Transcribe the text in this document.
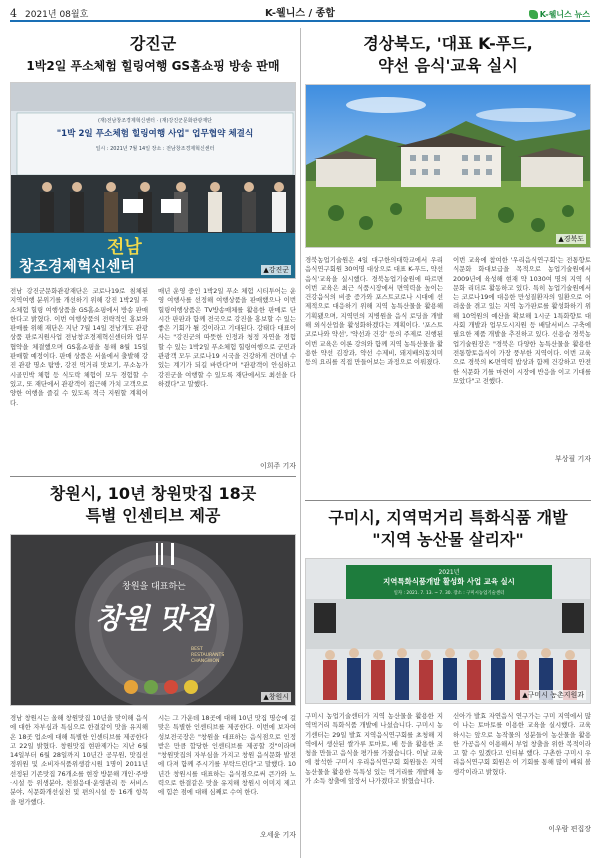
4 2021년 08월호	K-웰니스 / 종합	K-웰니스 뉴스
강진군
1박2일 푸소체험 힐링여행 GS홈쇼핑 방송 판매
(재)전남창조경제혁신센터 · (재)강진군문화관광재단
"1박 2일 푸소체험 힐링여행 사업" 업무협약 체결식
일시 : 2021년 7월 14일 장소 : 전남창조경제혁신센터
전남
창조경제혁신센터	▲강진군

전남 강진군문화관광재단은 코로나19로 침체된 지역여행 분위기를 개선하기 위해 강진 1박2일 푸소체험 힐링 여행상품을 GS홈쇼핑에서 방송 판매한다고 밝혔다. 이번 여행상품의 전략적인 홍보와 판매를 위해 재단은 지난 7월 14일 전남개도 관광상품 판로지원사업 전남창조경제혁신센터와 업무협약을 체결했으며 GS홈쇼핑을 통해 8월 15일 판매할 예정이다. 판매 상품은 서울에서 출발해 강진 관광 명소 탐방, 강진 먹거리 맛보기, 푸소농가 시골민박 체험 등 식도락 체험이 모두 경험할 수 있고, 또 재단에서 관광객이 접근해 가치 고객으로 양한 여행을 즐길 수 있도록 적극 지원할 계획이다.

매년 운영 중인 1박2일 푸소 체험 시티투어는 운영 여행사를 선정해 여행상품을 판매했으나 이번 힐링여행상품은 TV방송매체를 활용한 판매로 단시간 판판과 함께 전국으로 강진을 홍보할 수 있는 좋은 기회가 될 것이라고 기대된다. 강태다 대표이사는 "강진군의 따뜻한 인정과 청정 자연을 경험할 수 있는 1박2일 푸소체험 힐링여행으로 군민과 관광객 모두 코로나19 시국을 건강하게 견뎌낼 수 있는 계기가 되길 바란다"며 "관광객이 안심하고 강진군을 여행할 수 있도록 재단에서도 최선을 다하겠다"고 말했다.

이희주 기자
경상북도, '대표 K-푸드,
약선 음식'교육 실시
▲경북도

경북농업기술원은 4일 대구한의대학교에서 우리음식연구회원 30여명 대상으로 대표 K-푸드, 약선 음식'교육을 실시했다. 경북농업기술원에 따르면 이번 교육은 최근 식품시장에서 면역력을 높이는 건강음식의 비중 증가와 포스트코로나 시대에 선제적으로 대응하기 위해 지역 농특산물을 활용해 기획됐으며, 지역민의 지병원을 음식 로딩을 개발해 외식산업을 활성화하겠다는 계획이다. '포스트코로나와 약선', '약선과 건강' 등의 주제로 진행된 이번 교육은 이론 강의와 함께 지역 농특산물을 활용한 약선 김장과, 약선 수제비, 돼지배의동치미 등의 요리를 직접 만들어보는 과정으로 이뤄졌다.

이번 교육에 참여한 '우리음식연구회'는 전통향토 식문화 화대보급을 목적으로 농업기술원에서 2009년에 육성해 현재 약 1030여 명의 지역 식문화 리더로 활동하고 있다. 특히 농업기술원에서는 코로나19에 대응한 만성질환자의 일환으로 어려움을 겪고 있는 지역 농가판로를 활성화하기 위해 10억원의 예산을 확보해 1시군 1특화향토 대사회 개발과 업무도시지원 등 배달서비스 구축에 필요한 제품 개발을 추진하고 있다. 신용습 경북농업기술원장은 "경북은 다양한 농특산물을 활용한 전통향토음식이 가장 풍부한 지역이다. 이번 교육으로 경북의 K-면역력 밥상과 함께 건강하고 안전한 식문화 기틀 마련이 시장에 반응을 이고 기대를 모았다"고 전했다.

부상필 기자
창원시, 10년 창원맛집 18곳
특별 인센티브 제공
창원을 대표하는
창원 맛집
BEST
RESTAURANTS
CHANGWON
▲창원시

경남 창원시는 올해 창원맛집 10년을 맞이해 음식에 대한 자부심과 특심으로 한결같이 맛을 유지해온 18곳 업소에 대해 특별한 인센티브를 제공한다고 22일 밝혔다. 창원맛집 현판제가는 지난 6월 14일부터 6월 28일까지 10년간 공무원, 맛집선정위원 및 소비자식품위생감시원 1명이 2011년 선정된 기존맛집 76개소를 현장 방문해 개인·주방·시설 등 위생분야, 친절응대·운영관리 등 서비스분야, 식문화개선실천 및 편의시설 등 16개 항목을 평가했다.

시는 그 가운데 18곳에 대해 10년 맛집 명승에 걸맞은 특별한 인센티브를 제공한다. 이번에 보자여성보전국장은 "창원을 대표하는 음식점으로 인정받은 만큼 합당한 인센티브를 제공할 것"이라며 "창원맛집의 자부심을 가지고 창원 음식문화 발전에 다져 함께 주시기를 부탁드린다"고 말했다. 10년간 창원시를 대표하는 음식점으로써 큰가와 노력으로 한결같은 맛을 유지해 창원시 이미지 제고에 힘쓴 점에 대해 심째로 수여 한다.

오세윤 기자
구미시, 지역먹거리 특화식품 개발
"지역 농산물 살리자"
2021년
지역특화식품개발 활성화 사업 교육 실시
일자 : 2021. 7. 13. ~ 7. 30. 장소 : 구미시농업기술센터
▲구미시 농촌지원과

구미시 농업기술센터가 지역 농산물을 활용한 지역먹거리 특화식품 개발에 나섰습니다. 구미시 농기센터는 29일 발효 지역음식연구회를 초청해 지역에서 생산된 쌀가루 토마토, 배 등을 활용한 조청을 만들고 음식을 평가를 가졌습니다. 이날 교육에 참석한 구미시 우리음식연구회 회원들은 지역 농산물을 활용한 독특성 있는 먹거리를 개발해 농가 소득 창출에 앞장서 나가겠다고 밝혔습니다.

신아가 발효 자연음식 연구가는 구미 지역에서 많이 나는 토마토를 이용한 교육을 실시했다. 교육 하시는 앞으로 농작물의 성분들이 농산물을 활용한 가공음식 이용해서 부업 창출을 위한 복적이라고 할 수 있겠다고 인터뷰 했다. 구촌한 구미시 우리음식연구회 회원은 이 기회를 통해 많이 배워 볼 생각이라고 밝혔다.

이우람 편집장
